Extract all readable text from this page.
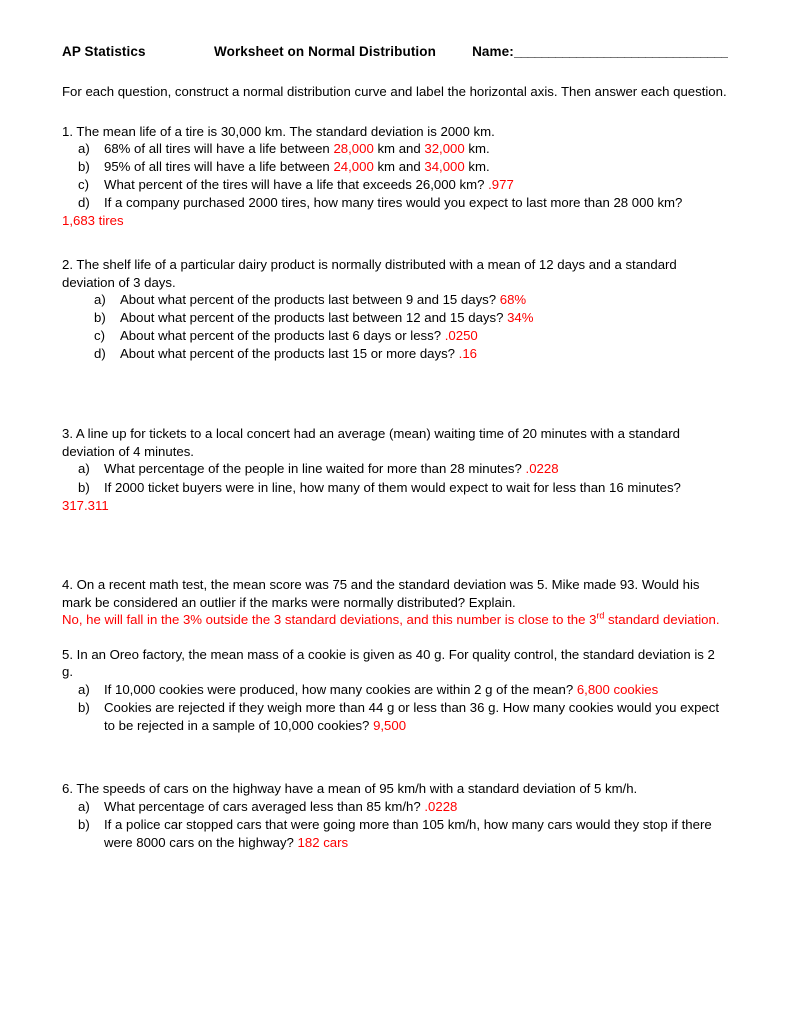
AP Statistics	Worksheet on Normal Distribution	Name: _______________________________
For each question, construct a normal distribution curve and label the horizontal axis. Then answer each question.
1. The mean life of a tire is 30,000 km. The standard deviation is 2000 km.
a)	68% of all tires will have a life between 28,000 km and 32,000 km.
b)	95% of all tires will have a life between 24,000 km and 34,000 km.
c)	What percent of the tires will have a life that exceeds 26,000 km? .977
d)	If a company purchased 2000 tires, how many tires would you expect to last more than 28 000 km?
1,683 tires
2. The shelf life of a particular dairy product is normally distributed with a mean of 12 days and a standard deviation of 3 days.
a)	About what percent of the products last between 9 and 15 days? 68%
b)	About what percent of the products last between 12 and 15 days? 34%
c)	About what percent of the products last 6 days or less? .0250
d)	About what percent of the products last 15 or more days? .16
3. A line up for tickets to a local concert had an average (mean) waiting time of 20 minutes with a standard deviation of 4 minutes.
a)	What percentage of the people in line waited for more than 28 minutes? .0228
b)	If 2000 ticket buyers were in line, how many of them would expect to wait for less than 16 minutes?
317.311
4. On a recent math test, the mean score was 75 and the standard deviation was 5. Mike made 93. Would his mark be considered an outlier if the marks were normally distributed? Explain.
No, he will fall in the 3% outside the 3 standard deviations, and this number is close to the 3rd standard deviation.
5. In an Oreo factory, the mean mass of a cookie is given as 40 g. For quality control, the standard deviation is 2 g.
a)	If 10,000 cookies were produced, how many cookies are within 2 g of the mean? 6,800 cookies
b)	Cookies are rejected if they weigh more than 44 g or less than 36 g. How many cookies would you expect to be rejected in a sample of 10,000 cookies? 9,500
6. The speeds of cars on the highway have a mean of 95 km/h with a standard deviation of 5 km/h.
a)	What percentage of cars averaged less than 85 km/h? .0228
b)	If a police car stopped cars that were going more than 105 km/h, how many cars would they stop if there were 8000 cars on the highway? 182 cars
